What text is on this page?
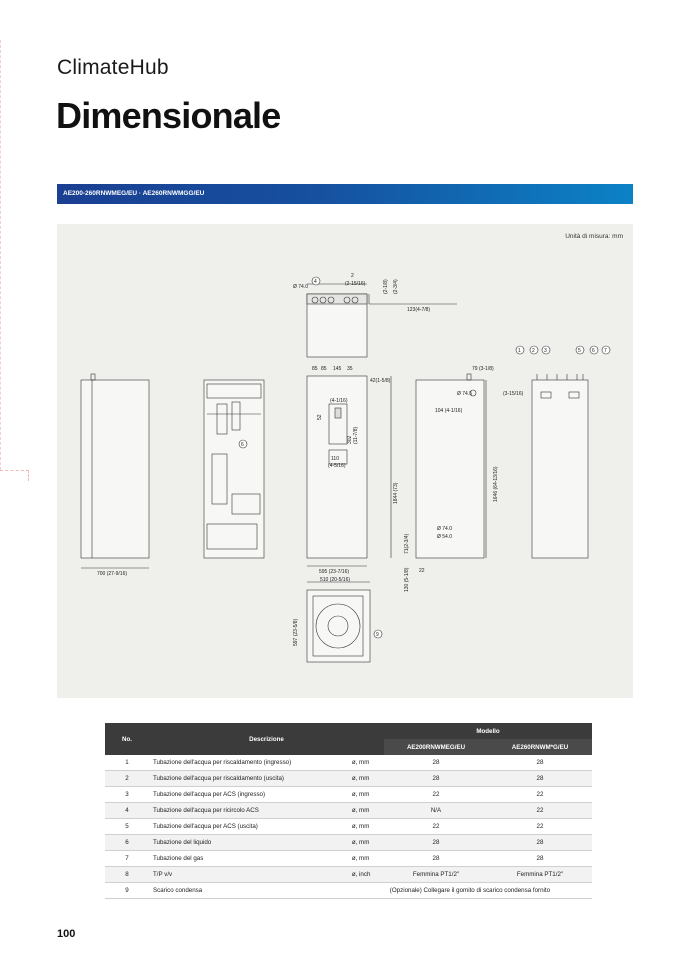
ClimateHub
Dimensionale
AE200-260RNWMEG/EU · AE260RNWMGG/EU
Unità di misura: mm
4
Ø 74.0
2
(2-15/16)	(2-1/8) (2-3/4)
123(4-7/8)
700 (27-9/16)
6
85 85 145 35
(4-1/16)
52
302 (11-7/8)
110
(4-5/16)
595 (23-7/16)
42(1-5/8)
1844 (73)
71(2-3/4)
130 (5-1/8)
79 (3-1/8)
(3-15/16)
104 (4-1/16)
Ø 74.5
1646 (64-13/16)
Ø 74.0
Ø 54.0
22
1 2 3	5 6 7
510 (20-5/16)
597 (23-5/8)	9
No.	Descrizione		Modello	
			AE200RNWMEG/EU	AE260RNWM*G/EU
1	Tubazione dell'acqua per riscaldamento (ingresso)	ø, mm	28	28
2	Tubazione dell'acqua per riscaldamento (uscita)	ø, mm	28	28
3	Tubazione dell'acqua per ACS (ingresso)	ø, mm	22	22
4	Tubazione dell'acqua per ricircolo ACS	ø, mm	N/A	22
5	Tubazione dell'acqua per ACS (uscita)	ø, mm	22	22
6	Tubazione del liquido	ø, mm	28	28
7	Tubazione del gas	ø, mm	28	28
8	T/P v/v	ø, inch	Femmina PT1/2"	Femmina PT1/2"
9	Scarico condensa	(Opzionale) Collegare il gomito di scarico condensa fornito		
100
